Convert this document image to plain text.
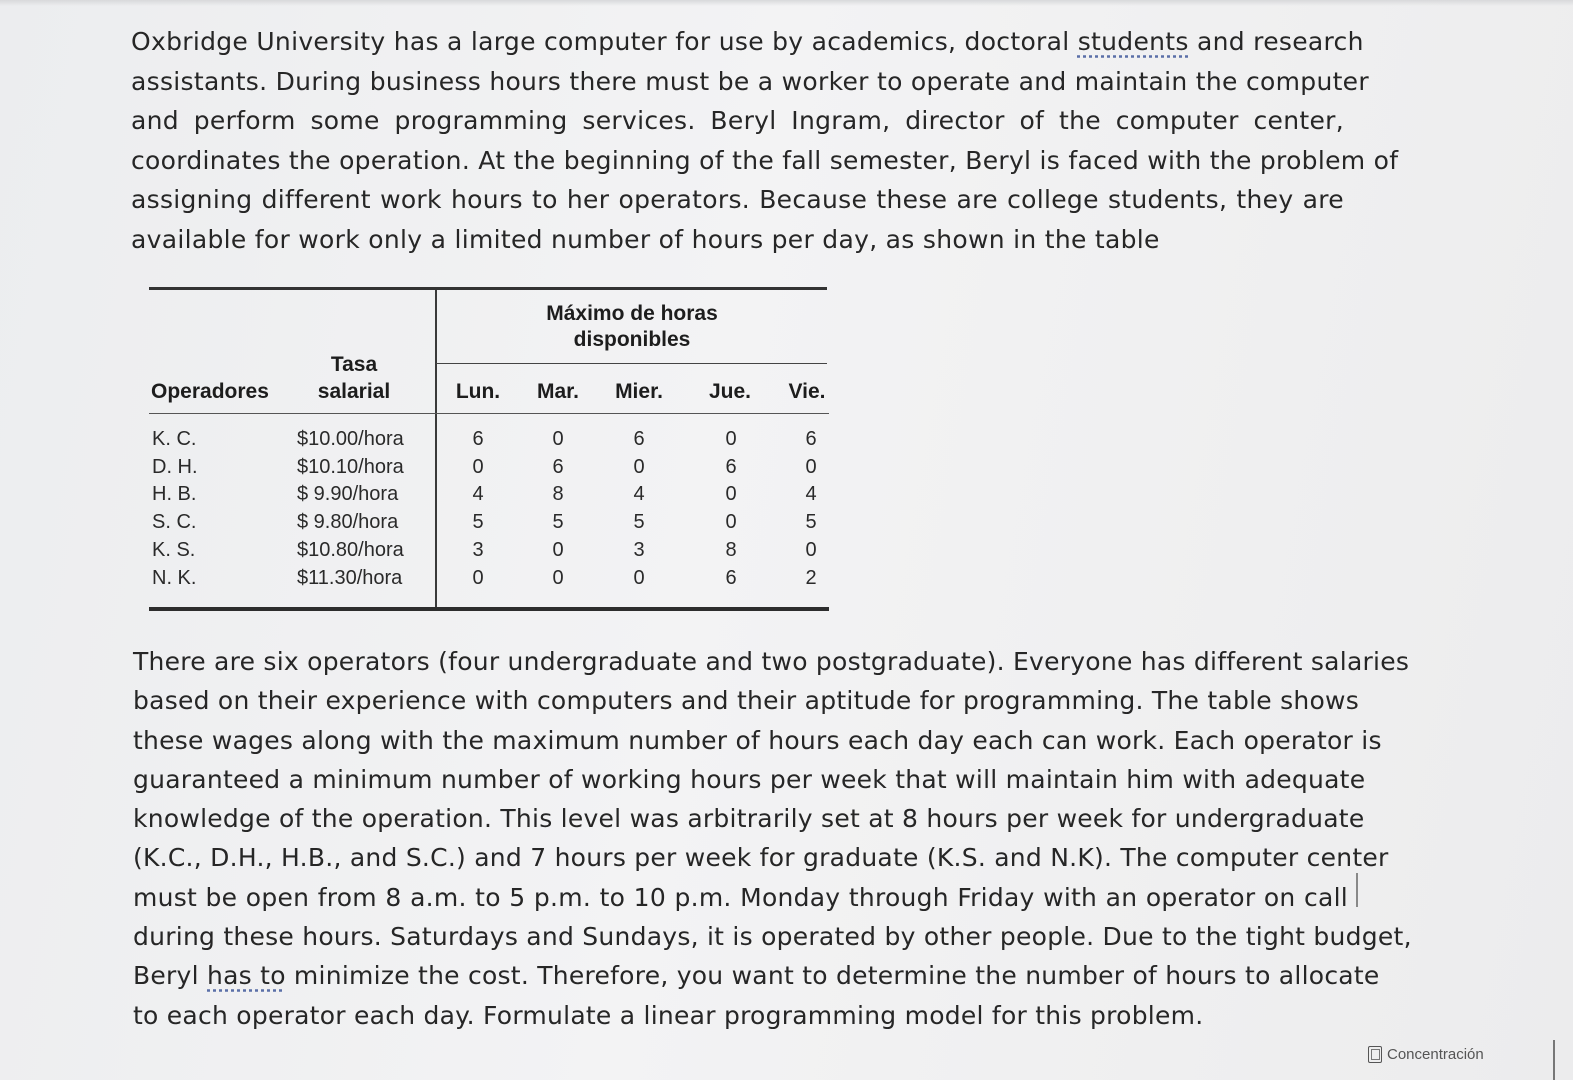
Oxbridge University has a large computer for use by academics, doctoral students and research
assistants. During business hours there must be a worker to operate and maintain the computer
and perform some programming services. Beryl Ingram, director of the computer center,
coordinates the operation. At the beginning of the fall semester, Beryl is faced with the problem of
assigning different work hours to her operators. Because these are college students, they are
available for work only a limited number of hours per day, as shown in the table
Máximo de horas
disponibles
Tasa
Operadores	salarial	Lun.	Mar.	Mier.	Jue.	Vie.
K. C.	$10.00/hora	6	0	6	0	6
D. H.	$10.10/hora	0	6	0	6	0
H. B.	$ 9.90/hora	4	8	4	0	4
S. C.	$ 9.80/hora	5	5	5	0	5
K. S.	$10.80/hora	3	0	3	8	0
N. K.	$11.30/hora	0	0	0	6	2
There are six operators (four undergraduate and two postgraduate). Everyone has different salaries
based on their experience with computers and their aptitude for programming. The table shows
these wages along with the maximum number of hours each day each can work. Each operator is
guaranteed a minimum number of working hours per week that will maintain him with adequate
knowledge of the operation. This level was arbitrarily set at 8 hours per week for undergraduate
(K.C., D.H., H.B., and S.C.) and 7 hours per week for graduate (K.S. and N.K). The computer center
must be open from 8 a.m. to 5 p.m. to 10 p.m. Monday through Friday with an operator on call
during these hours. Saturdays and Sundays, it is operated by other people. Due to the tight budget,
Beryl has to minimize the cost. Therefore, you want to determine the number of hours to allocate
to each operator each day. Formulate a linear programming model for this problem.
Concentración
